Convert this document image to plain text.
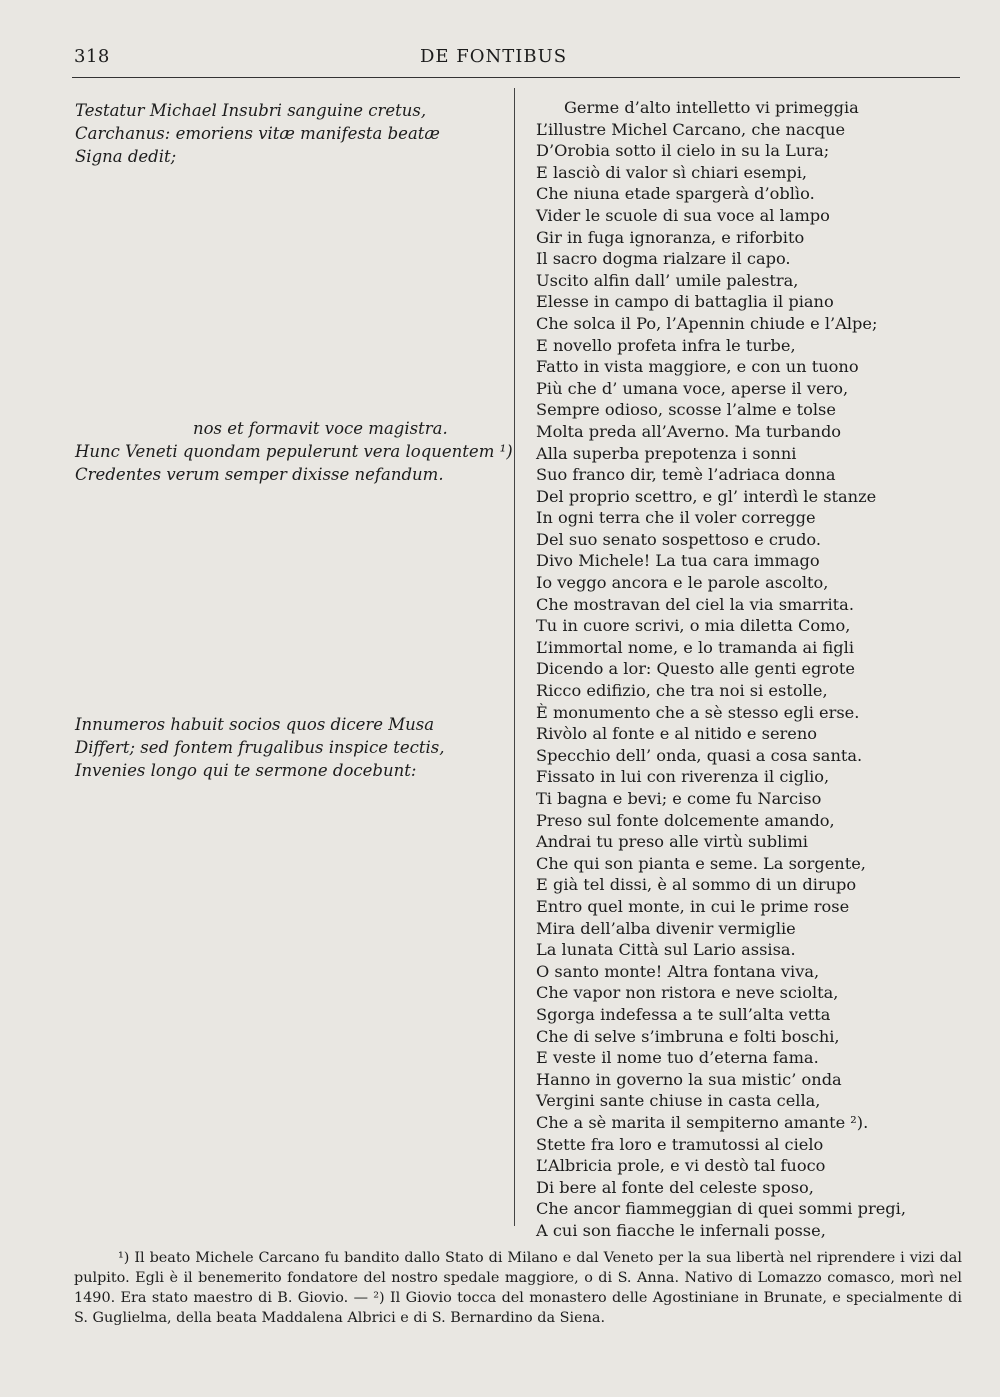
318	DE FONTIBUS
Testatur Michael Insubri sanguine cretus,
Carchanus: emoriens vitæ manifesta beatæ
Signa dedit;
nos et formavit voce magistra.
Hunc Veneti quondam pepulerunt vera loquentem ¹)
Credentes verum semper dixisse nefandum.
Innumeros habuit socios quos dicere Musa
Differt; sed fontem frugalibus inspice tectis,
Invenies longo qui te sermone docebunt:
Germe d’alto intelletto vi primeggia
L’illustre Michel Carcano, che nacque
D’Orobia sotto il cielo in su la Lura;
E lasciò di valor sì chiari esempi,
Che niuna etade spargerà d’oblìo.
Vider le scuole di sua voce al lampo
Gir in fuga ignoranza, e riforbito
Il sacro dogma rialzare il capo.
Uscito alfin dall’ umile palestra,
Elesse in campo di battaglia il piano
Che solca il Po, l’Apennin chiude e l’Alpe;
E novello profeta infra le turbe,
Fatto in vista maggiore, e con un tuono
Più che d’ umana voce, aperse il vero,
Sempre odioso, scosse l’alme e tolse
Molta preda all’Averno. Ma turbando
Alla superba prepotenza i sonni
Suo franco dir, temè l’adriaca donna
Del proprio scettro, e gl’ interdì le stanze
In ogni terra che il voler corregge
Del suo senato sospettoso e crudo.
Divo Michele! La tua cara immago
Io veggo ancora e le parole ascolto,
Che mostravan del ciel la via smarrita.
Tu in cuore scrivi, o mia diletta Como,
L’immortal nome, e lo tramanda ai figli
Dicendo a lor: Questo alle genti egrote
Ricco edifizio, che tra noi si estolle,
È monumento che a sè stesso egli erse.
Rivòlo al fonte e al nitido e sereno
Specchio dell’ onda, quasi a cosa santa.
Fissato in lui con riverenza il ciglio,
Ti bagna e bevi; e come fu Narciso
Preso sul fonte dolcemente amando,
Andrai tu preso alle virtù sublimi
Che qui son pianta e seme. La sorgente,
E già tel dissi, è al sommo di un dirupo
Entro quel monte, in cui le prime rose
Mira dell’alba divenir vermiglie
La lunata Città sul Lario assisa.
O santo monte! Altra fontana viva,
Che vapor non ristora e neve sciolta,
Sgorga indefessa a te sull’alta vetta
Che di selve s’imbruna e folti boschi,
E veste il nome tuo d’eterna fama.
Hanno in governo la sua mistic’ onda
Vergini sante chiuse in casta cella,
Che a sè marita il sempiterno amante ²).
Stette fra loro e tramutossi al cielo
L’Albricia prole, e vi destò tal fuoco
Di bere al fonte del celeste sposo,
Che ancor fiammeggian di quei sommi pregi,
A cui son fiacche le infernali posse,

¹) Il beato Michele Carcano fu bandito dallo Stato di Milano e dal Veneto per la sua libertà nel riprendere i vizi dal pulpito. Egli è il benemerito fondatore del nostro spedale maggiore, o di S. Anna. Nativo di Lomazzo comasco, morì nel 1490. Era stato maestro di B. Giovio. — ²) Il Giovio tocca del monastero delle Agostiniane in Brunate, e specialmente di S. Guglielma, della beata Maddalena Albrici e di S. Bernardino da Siena.
